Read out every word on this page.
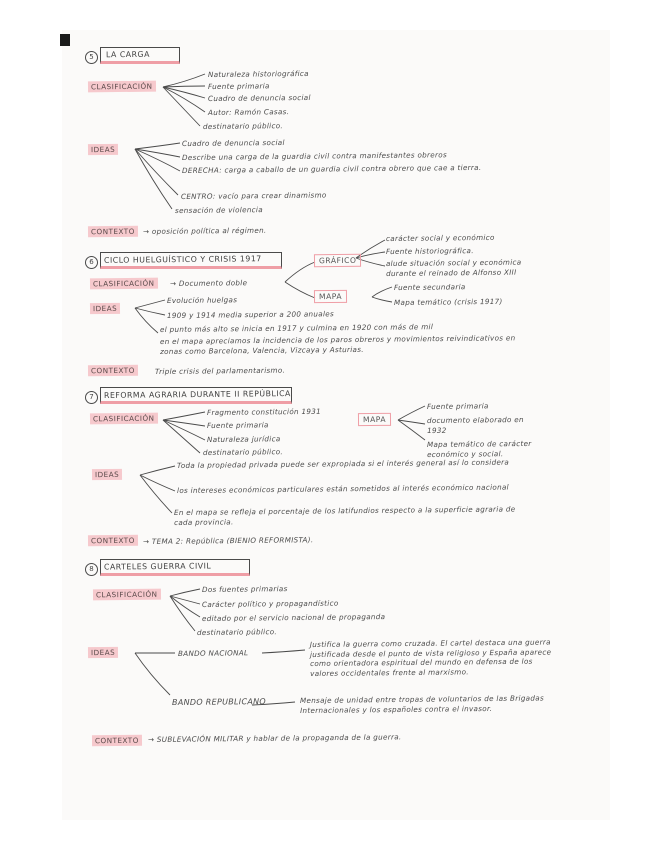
5	LA CARGA
CLASIFICACIÓN
Naturaleza historiográfica
Fuente primaria
Cuadro de denuncia social
Autor: Ramón Casas.
destinatario público.
IDEAS
Cuadro de denuncia social
Describe una carga de la guardia civil contra manifestantes obreros
DERECHA: carga a caballo de un guardia civil contra obrero que cae a tierra.
CENTRO: vacío para crear dinamismo
sensación de violencia
CONTEXTO	→ oposición política al régimen.
6	CICLO HUELGUÍSTICO Y CRISIS 1917	GRÁFICO
carácter social y económico
Fuente historiográfica.
alude situación social y económica durante el reinado de Alfonso XIII
CLASIFICACIÓN	→ Documento doble
MAPA
Fuente secundaria
Mapa temático (crisis 1917)
IDEAS
Evolución huelgas
1909 y 1914 media superior a 200 anuales
el punto más alto se inicia en 1917 y culmina en 1920 con más de mil
en el mapa apreciamos la incidencia de los paros obreros y movimientos reivindicativos en zonas como Barcelona, Valencia, Vizcaya y Asturias.
CONTEXTO	Triple crisis del parlamentarismo.
7	REFORMA AGRARIA DURANTE II REPÚBLICA
CLASIFICACIÓN
Fragmento constitución 1931
Fuente primaria
Naturaleza jurídica
destinatario público.
MAPA
Fuente primaria
documento elaborado en 1932
Mapa temático de carácter económico y social.
IDEAS
Toda la propiedad privada puede ser expropiada si el interés general así lo considera
los intereses económicos particulares están sometidos al interés económico nacional
En el mapa se refleja el porcentaje de los latifundios respecto a la superficie agraria de cada provincia.
CONTEXTO	→ TEMA 2: República (BIENIO REFORMISTA).
8	CARTELES GUERRA CIVIL
CLASIFICACIÓN
Dos fuentes primarias
Carácter político y propagandístico
editado por el servicio nacional de propaganda
destinatario público.
IDEAS	BANDO NACIONAL
Justifica la guerra como cruzada. El cartel destaca una guerra justificada desde el punto de vista religioso y España aparece como orientadora espiritual del mundo en defensa de los valores occidentales frente al marxismo.
BANDO REPUBLICANO	Mensaje de unidad entre tropas de voluntarios de las Brigadas Internacionales y los españoles contra el invasor.
CONTEXTO	→ SUBLEVACIÓN MILITAR y hablar de la propaganda de la guerra.
